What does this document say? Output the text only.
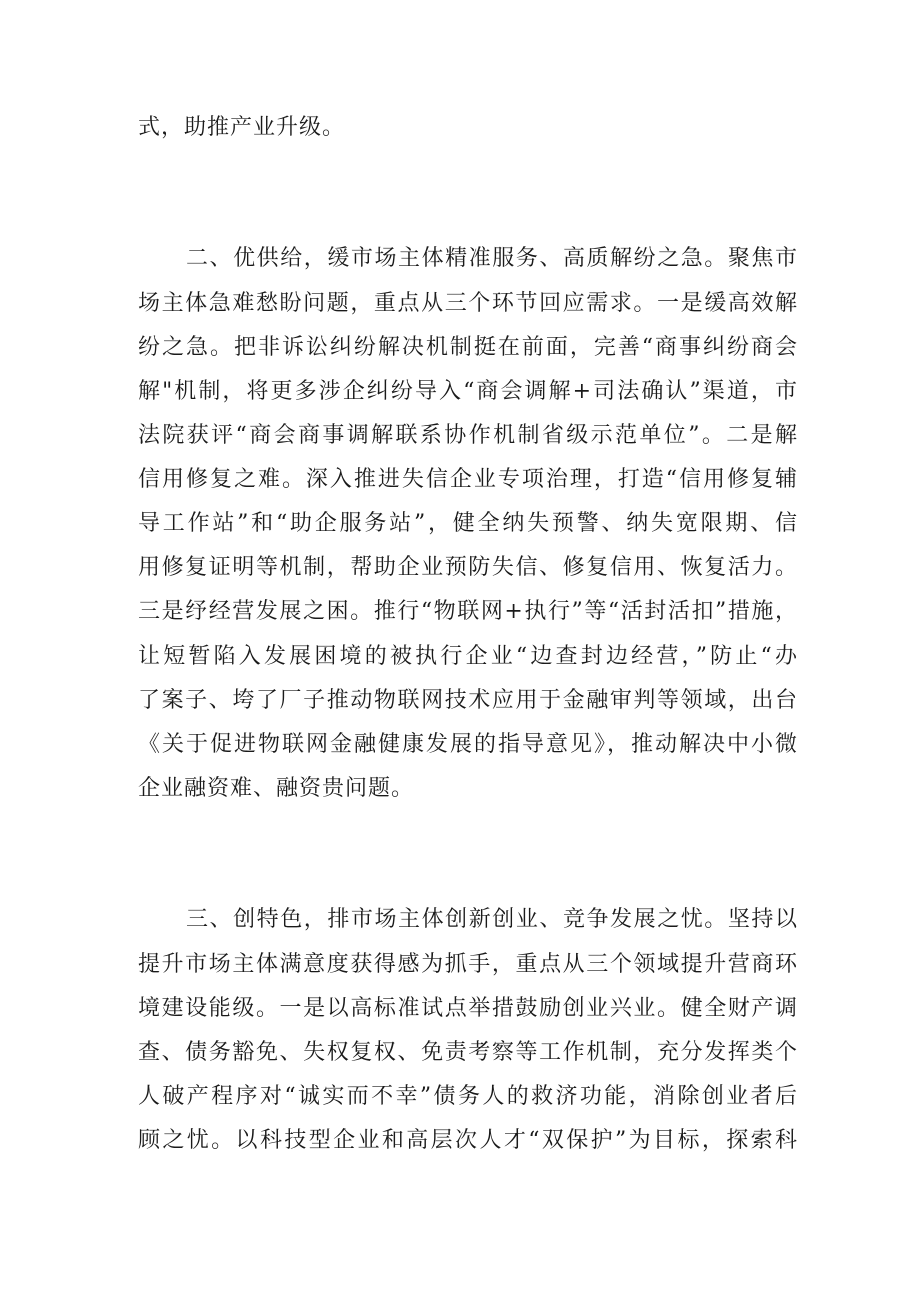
式，助推产业升级。
二、优供给，缓市场主体精准服务、高质解纷之急。聚焦市
场主体急难愁盼问题，重点从三个环节回应需求。一是缓高效解
纷之急。把非诉讼纠纷解决机制挺在前面，完善“商事纠纷商会
解"机制，将更多涉企纠纷导入“商会调解+司法确认”渠道，市
法院获评“商会商事调解联系协作机制省级示范单位”。二是解
信用修复之难。深入推进失信企业专项治理，打造“信用修复辅
导工作站”和“助企服务站”，健全纳失预警、纳失宽限期、信
用修复证明等机制，帮助企业预防失信、修复信用、恢复活力。
三是纾经营发展之困。推行“物联网+执行”等“活封活扣”措施，
让短暂陷入发展困境的被执行企业“边查封边经营，”防止“办
了案子、垮了厂子推动物联网技术应用于金融审判等领域，出台
《关于促进物联网金融健康发展的指导意见》，推动解决中小微
企业融资难、融资贵问题。
三、创特色，排市场主体创新创业、竞争发展之忧。坚持以
提升市场主体满意度获得感为抓手，重点从三个领域提升营商环
境建设能级。一是以高标准试点举措鼓励创业兴业。健全财产调
查、债务豁免、失权复权、免责考察等工作机制，充分发挥类个
人破产程序对“诚实而不幸”债务人的救济功能，消除创业者后
顾之忧。以科技型企业和高层次人才“双保护”为目标，探索科
